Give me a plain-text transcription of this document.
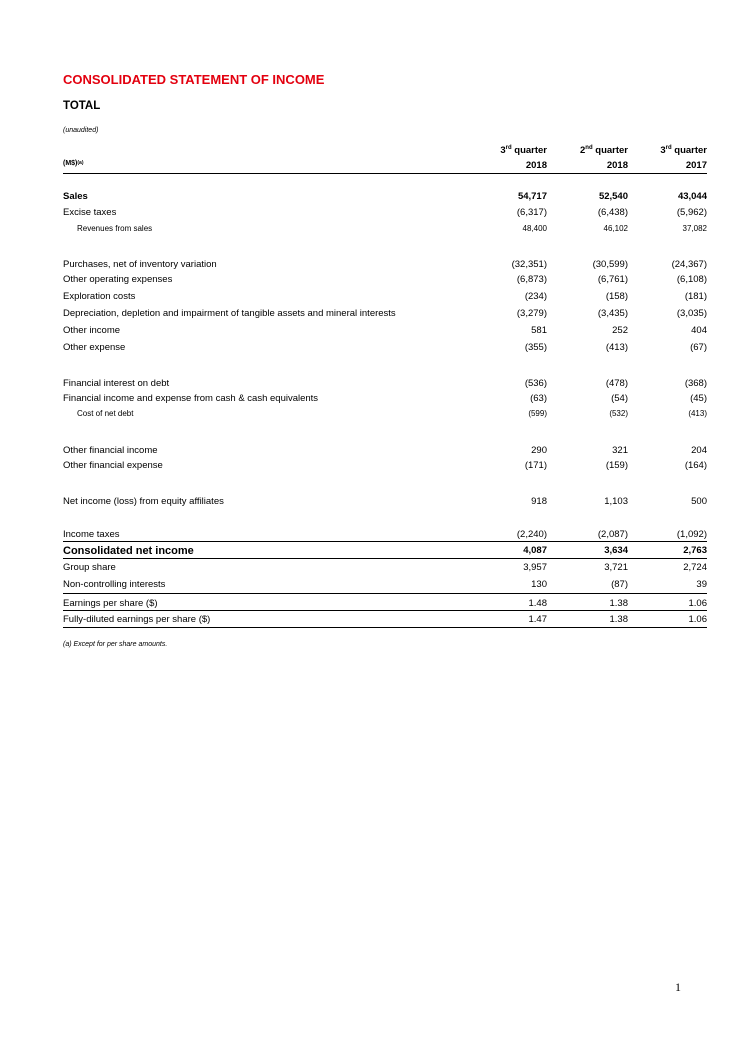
CONSOLIDATED STATEMENT OF INCOME
TOTAL
(unaudited)
3rd quarter
2018
2nd quarter
2018
3rd quarter
2017
(M$)$^{(a)}$
Sales	54,717	52,540	43,044
Excise taxes	(6,317)	(6,438)	(5,962)
Revenues from sales	48,400	46,102	37,082
Purchases, net of inventory variation	(32,351)	(30,599)	(24,367)
Other operating expenses	(6,873)	(6,761)	(6,108)
Exploration costs	(234)	(158)	(181)
Depreciation, depletion and impairment of tangible assets and mineral interests	(3,279)	(3,435)	(3,035)
Other income	581	252	404
Other expense	(355)	(413)	(67)
Financial interest on debt	(536)	(478)	(368)
Financial income and expense from cash & cash equivalents	(63)	(54)	(45)
Cost of net debt	(599)	(532)	(413)
Other financial income	290	321	204
Other financial expense	(171)	(159)	(164)
Net income (loss) from equity affiliates	918	1,103	500
Income taxes	(2,240)	(2,087)	(1,092)
Consolidated net income	4,087	3,634	2,763
Group share	3,957	3,721	2,724
Non-controlling interests	130	(87)	39
Earnings per share ($)	1.48	1.38	1.06
Fully-diluted earnings per share ($)	1.47	1.38	1.06
(a) Except for per share amounts.
1
